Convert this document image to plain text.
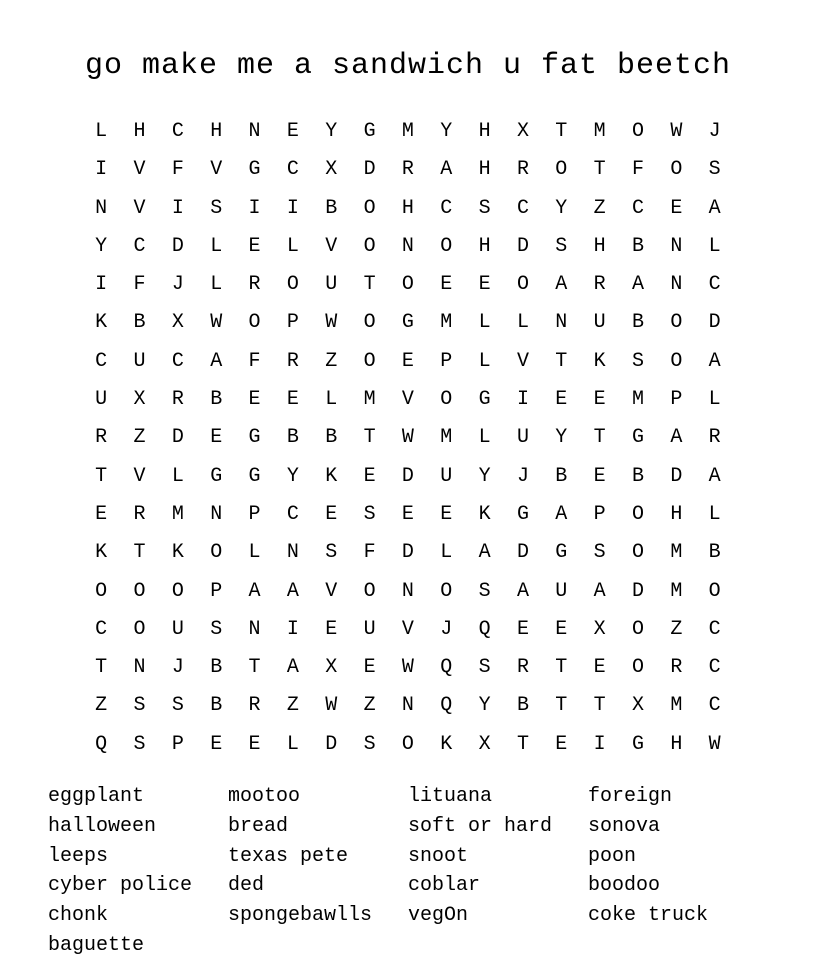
go make me a sandwich u fat beetch
L	H	C	H	N	E	Y	G	M	Y	H	X	T	M	O	W	J
I	V	F	V	G	C	X	D	R	A	H	R	O	T	F	O	S
N	V	I	S	I	I	B	O	H	C	S	C	Y	Z	C	E	A
Y	C	D	L	E	L	V	O	N	O	H	D	S	H	B	N	L
I	F	J	L	R	O	U	T	O	E	E	O	A	R	A	N	C
K	B	X	W	O	P	W	O	G	M	L	L	N	U	B	O	D
C	U	C	A	F	R	Z	O	E	P	L	V	T	K	S	O	A
U	X	R	B	E	E	L	M	V	O	G	I	E	E	M	P	L
R	Z	D	E	G	B	B	T	W	M	L	U	Y	T	G	A	R
T	V	L	G	G	Y	K	E	D	U	Y	J	B	E	B	D	A
E	R	M	N	P	C	E	S	E	E	K	G	A	P	O	H	L
K	T	K	O	L	N	S	F	D	L	A	D	G	S	O	M	B
O	O	O	P	A	A	V	O	N	O	S	A	U	A	D	M	O
C	O	U	S	N	I	E	U	V	J	Q	E	E	X	O	Z	C
T	N	J	B	T	A	X	E	W	Q	S	R	T	E	O	R	C
Z	S	S	B	R	Z	W	Z	N	Q	Y	B	T	T	X	M	C
Q	S	P	E	E	L	D	S	O	K	X	T	E	I	G	H	W
eggplant	mootoo	lituana	foreign
halloween	bread	soft or hard	sonova
leeps	texas pete	snoot	poon
cyber police	ded	coblar	boodoo
chonk	spongebawlls	vegOn	coke truck
baguette
